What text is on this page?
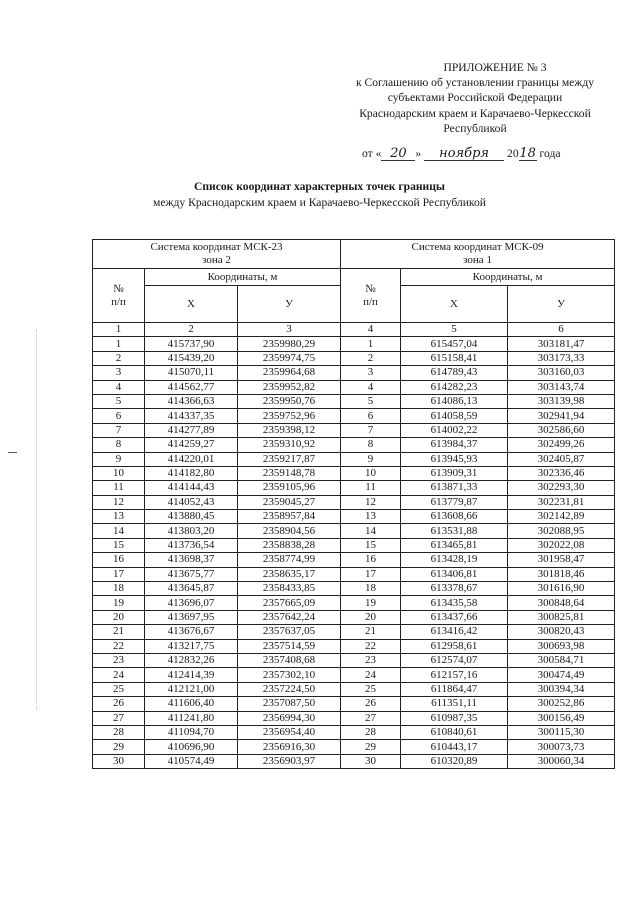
ПРИЛОЖЕНИЕ № 3
к Соглашению об установлении границы между
субъектами Российской Федерации
Краснодарским краем и Карачаево-Черкесской
Республикой
от « 20 » ноября 2018 года
Список координат характерных точек границы
между Краснодарским краем и Карачаево-Черкесской Республикой
Система координат МСК-23
зона 2			Система координат МСК-09
зона 1		
№
п/п	Координаты, м		№
п/п	Координаты, м	
	Х	У		Х	У
1	2	3	4	5	6
1	415737,90	2359980,29	1	615457,04	303181,47
2	415439,20	2359974,75	2	615158,41	303173,33
3	415070,11	2359964,68	3	614789,43	303160,03
4	414562,77	2359952,82	4	614282,23	303143,74
5	414366,63	2359950,76	5	614086,13	303139,98
6	414337,35	2359752,96	6	614058,59	302941,94
7	414277,89	2359398,12	7	614002,22	302586,60
8	414259,27	2359310,92	8	613984,37	302499,26
9	414220,01	2359217,87	9	613945,93	302405,87
10	414182,80	2359148,78	10	613909,31	302336,46
11	414144,43	2359105,96	11	613871,33	302293,30
12	414052,43	2359045,27	12	613779,87	302231,81
13	413880,45	2358957,84	13	613608,66	302142,89
14	413803,20	2358904,56	14	613531,88	302088,95
15	413736,54	2358838,28	15	613465,81	302022,08
16	413698,37	2358774,99	16	613428,19	301958,47
17	413675,77	2358635,17	17	613406,81	301818,46
18	413645,87	2358433,85	18	613378,67	301616,90
19	413696,07	2357665,09	19	613435,58	300848,64
20	413697,95	2357642,24	20	613437,66	300825,81
21	413676,67	2357637,05	21	613416,42	300820,43
22	413217,75	2357514,59	22	612958,61	300693,98
23	412832,26	2357408,68	23	612574,07	300584,71
24	412414,39	2357302,10	24	612157,16	300474,49
25	412121,00	2357224,50	25	611864,47	300394,34
26	411606,40	2357087,50	26	611351,11	300252,86
27	411241,80	2356994,30	27	610987,35	300156,49
28	411094,70	2356954,40	28	610840,61	300115,30
29	410696,90	2356916,30	29	610443,17	300073,73
30	410574,49	2356903,97	30	610320,89	300060,34
